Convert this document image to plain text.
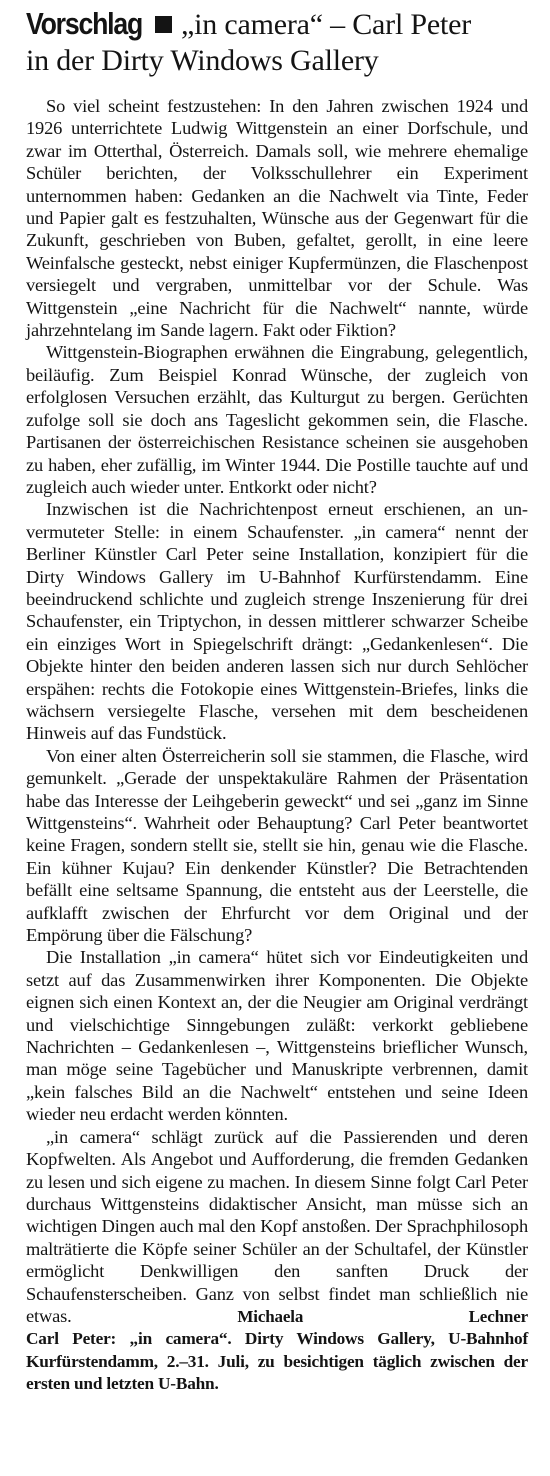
Vorschlag „in camera“ – Carl Peter
in der Dirty Windows Gallery

So viel scheint festzustehen: In den Jahren zwischen 1924 und 1926 unterrichtete Ludwig Wittgenstein an einer Dorfschule, und zwar im Otterthal, Österreich. Damals soll, wie mehrere ehemalige Schüler berichten, der Volksschullehrer ein Experiment unternommen haben: Gedanken an die Nachwelt via Tinte, Feder und Papier galt es festzuhalten, Wünsche aus der Gegenwart für die Zukunft, geschrieben von Buben, gefaltet, gerollt, in eine leere Weinfalsche gesteckt, nebst einiger Kupfermünzen, die Flaschenpost versiegelt und vergraben, unmittelbar vor der Schule. Was Wittgenstein „eine Nachricht für die Nachwelt“ nannte, würde jahrzehntelang im Sande lagern. Fakt oder Fiktion?

Wittgenstein-Biographen erwähnen die Eingrabung, gelegentlich, beiläufig. Zum Beispiel Konrad Wünsche, der zugleich von erfolglosen Versuchen erzählt, das Kulturgut zu bergen. Gerüchten zufolge soll sie doch ans Tageslicht gekommen sein, die Flasche. Partisanen der österreichischen Resistance scheinen sie ausgehoben zu haben, eher zufällig, im Winter 1944. Die Postille tauchte auf und zugleich auch wieder unter. Entkorkt oder nicht?

Inzwischen ist die Nachrichtenpost erneut erschienen, an unvermuteter Stelle: in einem Schaufenster. „in camera“ nennt der Berliner Künstler Carl Peter seine Installation, konzipiert für die Dirty Windows Gallery im U-Bahnhof Kurfürstendamm. Eine beeindruckend schlichte und zugleich strenge Inszenierung für drei Schaufenster, ein Triptychon, in dessen mittlerer schwarzer Scheibe ein einziges Wort in Spiegelschrift drängt: „Gedankenlesen“. Die Objekte hinter den beiden anderen lassen sich nur durch Sehlöcher erspähen: rechts die Fotokopie eines Wittgenstein-Briefes, links die wächsern versiegelte Flasche, versehen mit dem bescheidenen Hinweis auf das Fundstück.

Von einer alten Österreicherin soll sie stammen, die Flasche, wird gemunkelt. „Gerade der unspektakuläre Rahmen der Präsentation habe das Interesse der Leihgeberin geweckt“ und sei „ganz im Sinne Wittgensteins“. Wahrheit oder Behauptung? Carl Peter beantwortet keine Fragen, sondern stellt sie, stellt sie hin, genau wie die Flasche. Ein kühner Kujau? Ein denkender Künstler? Die Betrachtenden befällt eine seltsame Spannung, die entsteht aus der Leerstelle, die aufklafft zwischen der Ehrfurcht vor dem Original und der Empörung über die Fälschung?

Die Installation „in camera“ hütet sich vor Eindeutigkeiten und setzt auf das Zusammenwirken ihrer Komponenten. Die Objekte eignen sich einen Kontext an, der die Neugier am Original verdrängt und vielschichtige Sinngebungen zuläßt: verkorkt gebliebene Nachrichten – Gedankenlesen –, Wittgensteins brieflicher Wunsch, man möge seine Tagebücher und Manuskripte verbrennen, damit „kein falsches Bild an die Nachwelt“ entstehen und seine Ideen wieder neu erdacht werden könnten.

„in camera“ schlägt zurück auf die Passierenden und deren Kopfwelten. Als Angebot und Aufforderung, die fremden Gedanken zu lesen und sich eigene zu machen. In diesem Sinne folgt Carl Peter durchaus Wittgensteins didaktischer Ansicht, man müsse sich an wichtigen Dingen auch mal den Kopf anstoßen. Der Sprachphilosoph malträtierte die Köpfe seiner Schüler an der Schultafel, der Künstler ermöglicht Denkwilligen den sanften Druck der Schaufensterscheiben. Ganz von selbst findet man schließlich nie etwas.	Michaela Lechner

Carl Peter: „in camera“. Dirty Windows Gallery, U-Bahnhof Kurfürstendamm, 2.–31. Juli, zu besichtigen täglich zwischen der ersten und letzten U-Bahn.
